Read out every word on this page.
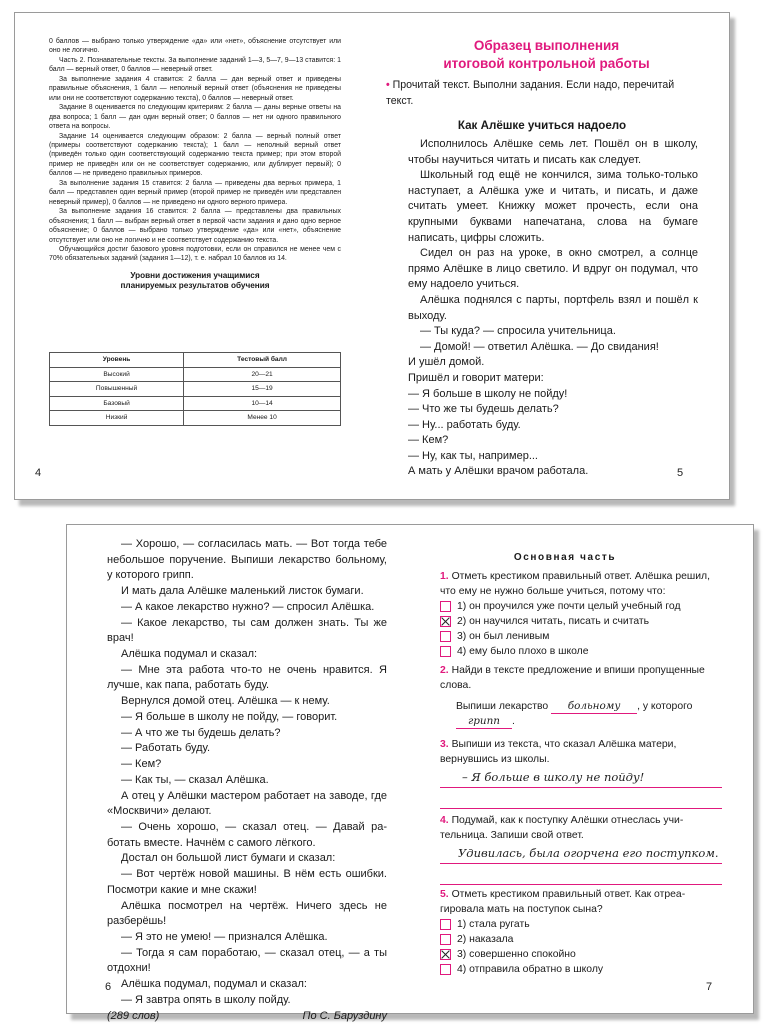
0 баллов — выбрано только утверждение «да» или «нет», объяснение отсутствует или оно не логично.

Часть 2. Познавательные тексты. За выполнение заданий 1—3, 5—7, 9—13 ставится: 1 балл — верный ответ, 0 баллов — неверный ответ.

За выполнение задания 4 ставится: 2 балла — дан верный ответ и приведены правильные объяснения, 1 балл — неполный верный ответ (объяснения не приведены или они не соответствуют содержанию текста), 0 баллов — неверный ответ.

Задание 8 оценивается по следующим критериям: 2 балла — даны верные ответы на два вопроса; 1 балл — дан один верный ответ; 0 баллов — нет ни одного правильного ответа на вопросы.

Задание 14 оценивается следующим образом: 2 балла — верный полный ответ (примеры соответствуют содержанию текста); 1 балл — неполный верный ответ (приведён только один соответствующий содержанию текста пример; при этом второй пример не приведён или он не соответствует содержанию, или дублирует первый); 0 баллов — не приведено правильных примеров.

За выполнение задания 15 ставится: 2 балла — приведены два верных примера, 1 балл — представлен один верный пример (второй пример не приведён или представлен неверный пример), 0 баллов — не приведено ни одного верного примера.

За выполнение задания 16 ставится: 2 балла — представлены два правильных объяснения; 1 балл — выбран верный ответ в первой части задания и дано одно верное объяснение; 0 баллов — выбрано только утверждение «да» или «нет», объяснение отсутствует или оно не логично и не соответствует содержанию текста.

Обучающийся достиг базового уровня подготовки, если он справился не менее чем с 70% обязательных заданий (задания 1—12), т. е. набрал 10 баллов из 14.

Уровни достижения учащимися
планируемых результатов обучения
Уровень	Тестовый балл
Высокий	20—21
Повышенный	15—19
Базовый	10—14
Низкий	Менее 10
4
Образец выполнения
итоговой контрольной работы
• Прочитай текст. Выполни задания. Если надо, перечитай текст.
Как Алёшке учиться надоело

Исполнилось Алёшке семь лет. Пошёл он в школу, чтобы научиться читать и писать как следует.

Школьный год ещё не кончился, зима только-только наступает, а Алёшка уже и читать, и писать, и даже считать умеет. Книжку может прочесть, если она крупными буквами напечатана, слова на бумаге написать, цифры сложить.

Сидел он раз на уроке, в окно смотрел, а солнце прямо Алёшке в лицо светило. И вдруг он подумал, что ему надоело учиться.

Алёшка поднялся с парты, портфель взял и пошёл к выходу.

— Ты куда? — спросила учительница.

— Домой! — ответил Алёшка. — До свидания!

И ушёл домой.

Пришёл и говорит матери:

— Я больше в школу не пойду!

— Что же ты будешь делать?

— Ну... работать буду.

— Кем?

— Ну, как ты, например...

А мать у Алёшки врачом работала.	5

— Хорошо, — согласилась мать. — Вот тогда тебе небольшое поручение. Выпиши лекарство больному, у которого грипп.

И мать дала Алёшке маленький листок бумаги.

— А какое лекарство нужно? — спросил Алёшка.

— Какое лекарство, ты сам должен знать. Ты же врач!

Алёшка подумал и сказал:

— Мне эта работа что-то не очень нравится. Я лучше, как папа, работать буду.

Вернулся домой отец. Алёшка — к нему.

— Я больше в школу не пойду, — говорит.

— А что же ты будешь делать?

— Работать буду.

— Кем?

— Как ты, — сказал Алёшка.

А отец у Алёшки мастером работает на заводе, где «Москвичи» делают.

— Очень хорошо, — сказал отец. — Давай работать вместе. Начнём с самого лёгкого.

Достал он большой лист бумаги и сказал:

— Вот чертёж новой машины. В нём есть ошибки. Посмотри какие и мне скажи!

Алёшка посмотрел на чертёж. Ничего здесь не разберёшь!

— Я это не умею! — признался Алёшка.

— Тогда я сам поработаю, — сказал отец, — а ты отдохни!

Алёшка подумал, подумал и сказал:

— Я завтра опять в школу пойду.

(289 слов)	По С. Баруздину
6
Основная часть

1. Отметь крестиком правильный ответ. Алёшка решил, что ему не нужно больше учиться, потому что:

1) он проучился уже почти целый учебный год
2) он научился читать, писать и считать
3) он был ленивым
4) ему было плохо в школе

2. Найди в тексте предложение и впиши пропущенные слова.

Выпиши лекарство больному , у которого

грипп .

3. Выпиши из текста, что сказал Алёшка матери, вернувшись из школы.

– Я больше в школу не пойду!

4. Подумай, как к поступку Алёшки отнеслась учительница. Запиши свой ответ.

Удивилась, была огорчена его поступком.

5. Отметь крестиком правильный ответ. Как отреагировала мать на поступок сына?

1) стала ругать
2) наказала
3) совершенно спокойно
4) отправила обратно в школу
7
